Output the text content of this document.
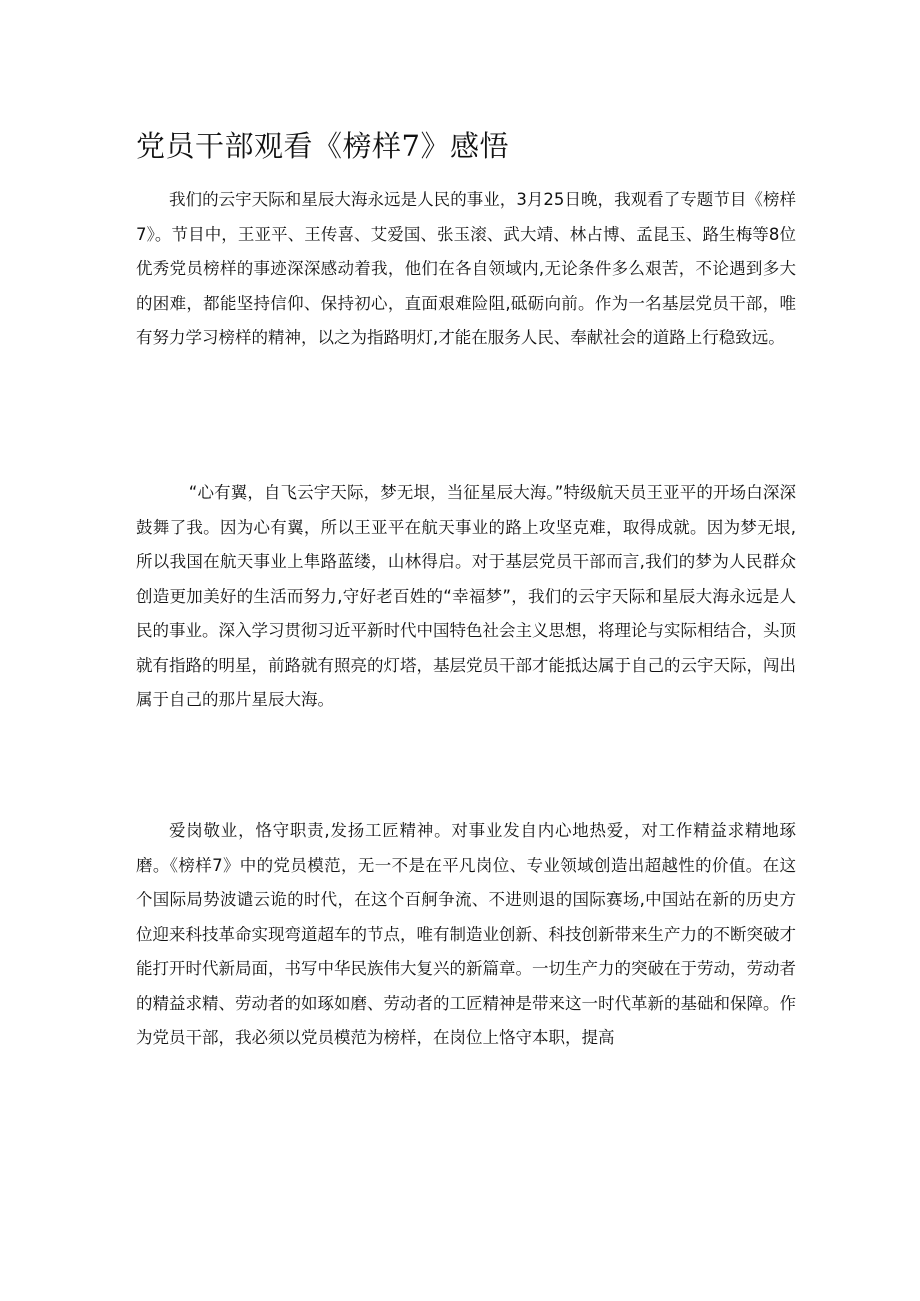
党员干部观看《榜样7》感悟

我们的云宇天际和星辰大海永远是人民的事业，3月25日晚，我观看了专题节目《榜样7》。节目中，王亚平、王传喜、艾爱国、张玉滚、武大靖、林占博、孟昆玉、路生梅等8位优秀党员榜样的事迹深深感动着我，他们在各自领域内,无论条件多么艰苦，不论遇到多大的困难，都能坚持信仰、保持初心，直面艰难险阻,砥砺向前。作为一名基层党员干部，唯有努力学习榜样的精神，以之为指路明灯,才能在服务人民、奉献社会的道路上行稳致远。

“心有翼，自飞云宇天际，梦无垠，当征星辰大海。”特级航天员王亚平的开场白深深鼓舞了我。因为心有翼，所以王亚平在航天事业的路上攻坚克难，取得成就。因为梦无垠,所以我国在航天事业上隼路蓝缕，山林得启。对于基层党员干部而言,我们的梦为人民群众创造更加美好的生活而努力,守好老百姓的“幸福梦”，我们的云宇天际和星辰大海永远是人民的事业。深入学习贯彻习近平新时代中国特色社会主义思想，将理论与实际相结合，头顶就有指路的明星，前路就有照亮的灯塔，基层党员干部才能抵达属于自己的云宇天际，闯出属于自己的那片星辰大海。

爱岗敬业，恪守职责,发扬工匠精神。对事业发自内心地热爱，对工作精益求精地琢磨。《榜样7》中的党员模范，无一不是在平凡岗位、专业领域创造出超越性的价值。在这个国际局势波谴云诡的时代，在这个百舸争流、不进则退的国际赛场,中国站在新的历史方位迎来科技革命实现弯道超车的节点，唯有制造业创新、科技创新带来生产力的不断突破才能打开时代新局面，书写中华民族伟大复兴的新篇章。一切生产力的突破在于劳动，劳动者的精益求精、劳动者的如琢如磨、劳动者的工匠精神是带来这一时代革新的基础和保障。作为党员干部，我必须以党员模范为榜样，在岗位上恪守本职，提高
